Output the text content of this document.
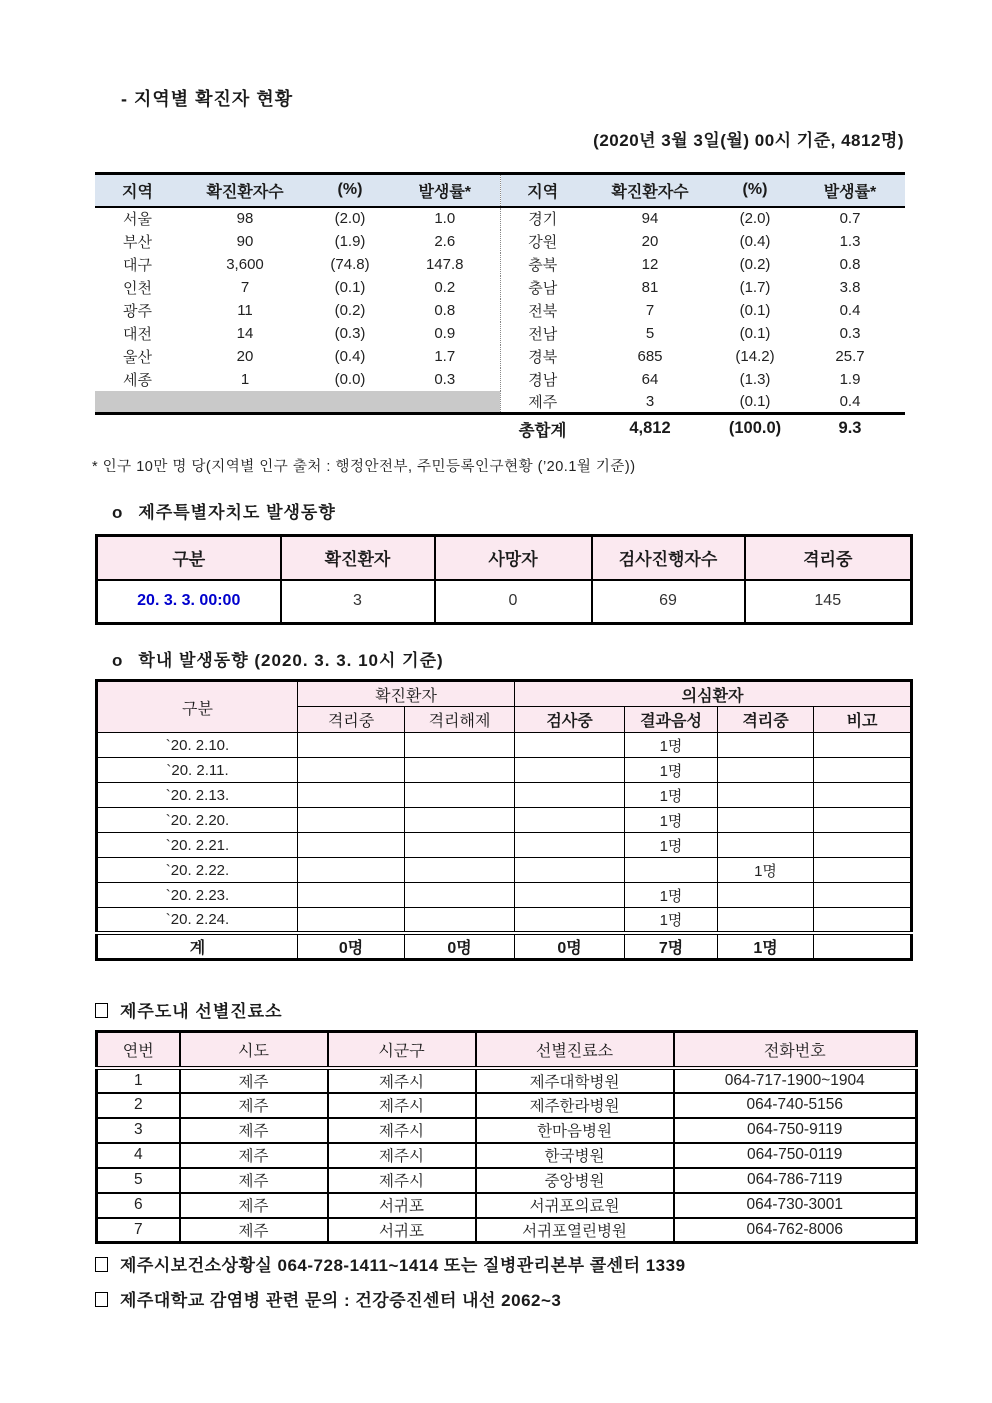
- 지역별 확진자 현황
(2020년 3월 3일(월) 00시 기준, 4812명)
지역	확진환자수	(%)	발생률*	지역	확진환자수	(%)	발생률*
서울	98	(2.0)	1.0	경기	94	(2.0)	0.7
부산	90	(1.9)	2.6	강원	20	(0.4)	1.3
대구	3,600	(74.8)	147.8	충북	12	(0.2)	0.8
인천	7	(0.1)	0.2	충남	81	(1.7)	3.8
광주	11	(0.2)	0.8	전북	7	(0.1)	0.4
대전	14	(0.3)	0.9	전남	5	(0.1)	0.3
울산	20	(0.4)	1.7	경북	685	(14.2)	25.7
세종	1	(0.0)	0.3	경남	64	(1.3)	1.9
				제주	3	(0.1)	0.4
				총합계	4,812	(100.0)	9.3
* 인구 10만 명 당(지역별 인구 출처 : 행정안전부, 주민등록인구현황 (’20.1월 기준))
o 제주특별자치도 발생동향
구분	확진환자	사망자	검사진행자수	격리중
20. 3. 3. 00:00	3	0	69	145
o 학내 발생동향 (2020. 3. 3. 10시 기준)
구분	확진환자		의심환자			
	격리중	격리해제	검사중	결과음성	격리중	비고
`20. 2.10.				1명		
`20. 2.11.				1명		
`20. 2.13.				1명		
`20. 2.20.				1명		
`20. 2.21.				1명		
`20. 2.22.					1명	
`20. 2.23.				1명		
`20. 2.24.				1명		
계	0명	0명	0명	7명	1명	
제주도내 선별진료소
연번	시도	시군구	선별진료소	전화번호
1	제주	제주시	제주대학병원	064-717-1900~1904
2	제주	제주시	제주한라병원	064-740-5156
3	제주	제주시	한마음병원	064-750-9119
4	제주	제주시	한국병원	064-750-0119
5	제주	제주시	중앙병원	064-786-7119
6	제주	서귀포	서귀포의료원	064-730-3001
7	제주	서귀포	서귀포열린병원	064-762-8006
제주시보건소상황실 064-728-1411~1414 또는 질병관리본부 콜센터 1339
제주대학교 감염병 관련 문의 : 건강증진센터 내선 2062~3
